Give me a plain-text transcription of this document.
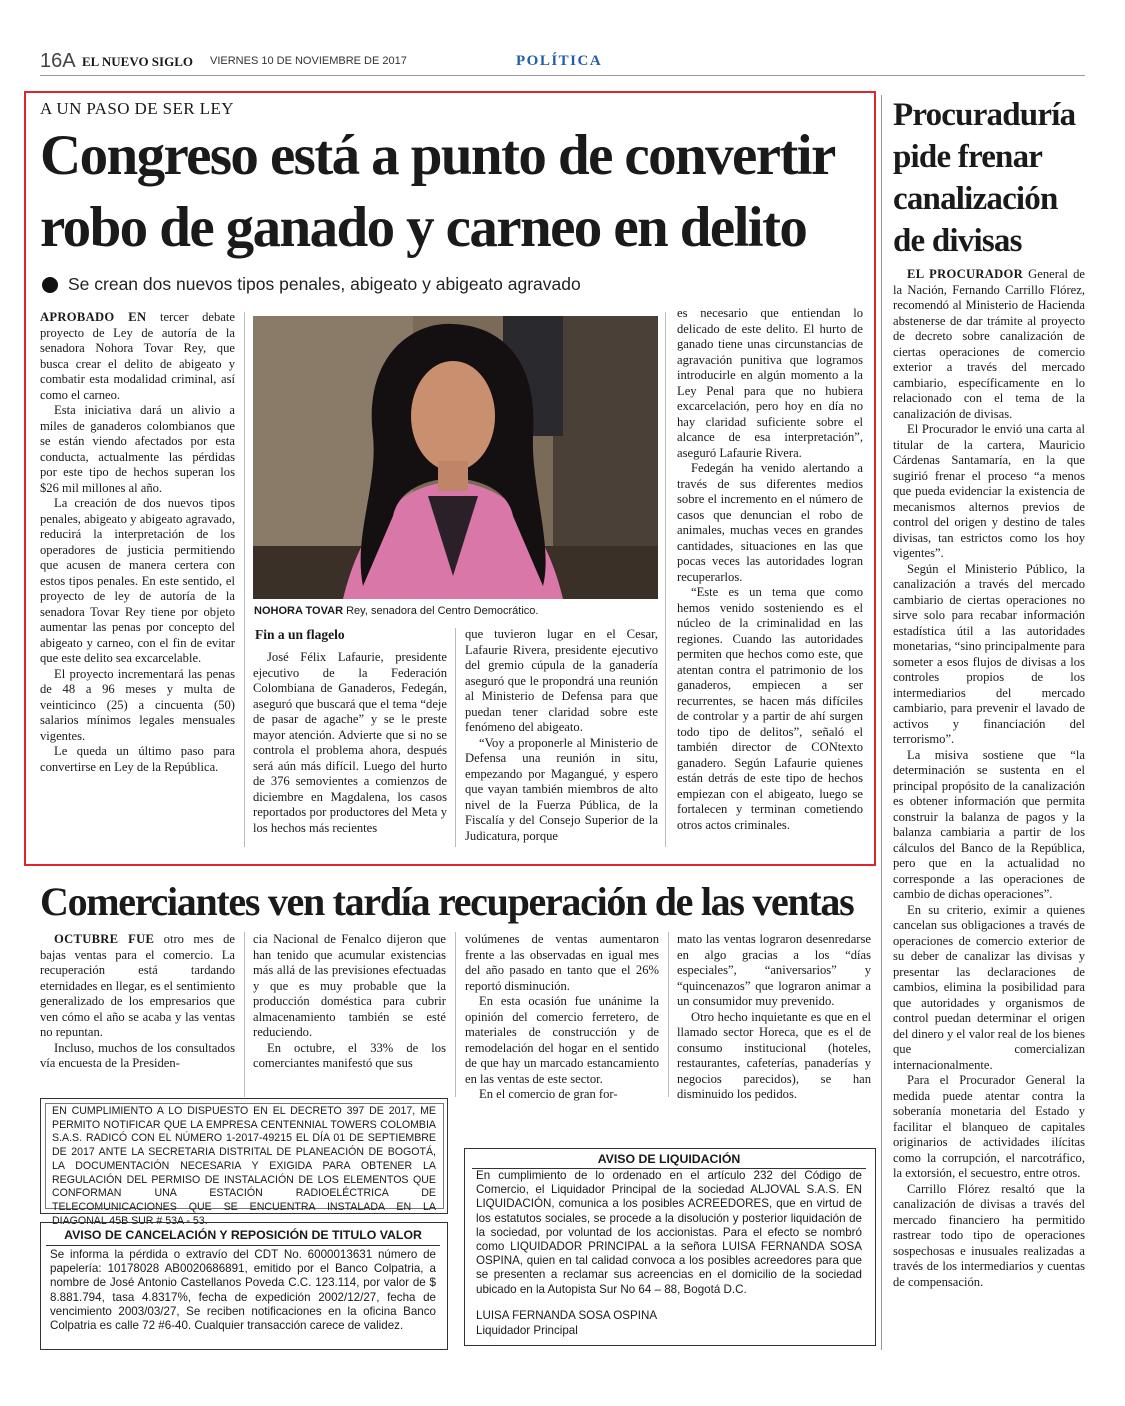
16A EL NUEVO SIGLO VIERNES 10 DE NOVIEMBRE DE 2017	POLÍTICA
A UN PASO DE SER LEY
Congreso está a punto de convertir
robo de ganado y carneo en delito
Se crean dos nuevos tipos penales, abigeato y abigeato agravado

APROBADO EN tercer debate proyecto de Ley de autoría de la senadora Nohora Tovar Rey, que busca crear el delito de abigeato y combatir esta modalidad criminal, así como el carneo.

Esta iniciativa dará un alivio a miles de ganaderos colombianos que se están viendo afectados por esta conducta, actualmente las pérdidas por este tipo de hechos superan los $26 mil millones al año.

La creación de dos nuevos tipos penales, abigeato y abigeato agravado, reducirá la interpretación de los operadores de justicia permitiendo que acusen de manera certera con estos tipos penales. En este sentido, el proyecto de ley de autoría de la senadora Tovar Rey tiene por objeto aumentar las penas por concepto del abigeato y carneo, con el fin de evitar que este delito sea excarcelable.

El proyecto incrementará las penas de 48 a 96 meses y multa de veinticinco (25) a cincuenta (50) salarios mínimos legales mensuales vigentes.

Le queda un último paso para convertirse en Ley de la República.

NOHORA TOVAR Rey, senadora del Centro Democrático.
Fin a un flagelo

José Félix Lafaurie, presidente ejecutivo de la Federación Colombiana de Ganaderos, Fedegán, aseguró que buscará que el tema “deje de pasar de agache” y se le preste mayor atención. Advierte que si no se controla el problema ahora, después será aún más difícil. Luego del hurto de 376 semovientes a comienzos de diciembre en Magdalena, los casos reportados por productores del Meta y los hechos más recientes

que tuvieron lugar en el Cesar, Lafaurie Rivera, presidente ejecutivo del gremio cúpula de la ganadería aseguró que le propondrá una reunión al Ministerio de Defensa para que puedan tener claridad sobre este fenómeno del abigeato.

“Voy a proponerle al Ministerio de Defensa una reunión in situ, empezando por Magangué, y espero que vayan también miembros de alto nivel de la Fuerza Pública, de la Fiscalía y del Consejo Superior de la Judicatura, porque

es necesario que entiendan lo delicado de este delito. El hurto de ganado tiene unas circunstancias de agravación punitiva que logramos introducirle en algún momento a la Ley Penal para que no hubiera excarcelación, pero hoy en día no hay claridad suficiente sobre el alcance de esa interpretación”, aseguró Lafaurie Rivera.

Fedegán ha venido alertando a través de sus diferentes medios sobre el incremento en el número de casos que denuncian el robo de animales, muchas veces en grandes cantidades, situaciones en las que pocas veces las autoridades logran recuperarlos.

“Este es un tema que como hemos venido sosteniendo es el núcleo de la criminalidad en las regiones. Cuando las autoridades permiten que hechos como este, que atentan contra el patrimonio de los ganaderos, empiecen a ser recurrentes, se hacen más difíciles de controlar y a partir de ahí surgen todo tipo de delitos”, señaló el también director de CONtexto ganadero. Según Lafaurie quienes están detrás de este tipo de hechos empiezan con el abigeato, luego se fortalecen y terminan cometiendo otros actos criminales.

Procuraduría pide frenar canalización de divisas

EL PROCURADOR General de la Nación, Fernando Carrillo Flórez, recomendó al Ministerio de Hacienda abstenerse de dar trámite al proyecto de decreto sobre canalización de ciertas operaciones de comercio exterior a través del mercado cambiario, específicamente en lo relacionado con el tema de la canalización de divisas.

El Procurador le envió una carta al titular de la cartera, Mauricio Cárdenas Santamaría, en la que sugirió frenar el proceso “a menos que pueda evidenciar la existencia de mecanismos alternos previos de control del origen y destino de tales divisas, tan estrictos como los hoy vigentes”.

Según el Ministerio Público, la canalización a través del mercado cambiario de ciertas operaciones no sirve solo para recabar información estadística útil a las autoridades monetarias, “sino principalmente para someter a esos flujos de divisas a los controles propios de los intermediarios del mercado cambiario, para prevenir el lavado de activos y financiación del terrorismo”.

La misiva sostiene que “la determinación se sustenta en el principal propósito de la canalización es obtener información que permita construir la balanza de pagos y la balanza cambiaria a partir de los cálculos del Banco de la República, pero que en la actualidad no corresponde a las operaciones de cambio de dichas operaciones”.

En su criterio, eximir a quienes cancelan sus obligaciones a través de operaciones de comercio exterior de su deber de canalizar las divisas y presentar las declaraciones de cambios, elimina la posibilidad para que autoridades y organismos de control puedan determinar el origen del dinero y el valor real de los bienes que comercializan internacionalmente.

Para el Procurador General la medida puede atentar contra la soberanía monetaria del Estado y facilitar el blanqueo de capitales originarios de actividades ilícitas como la corrupción, el narcotráfico, la extorsión, el secuestro, entre otros.

Carrillo Flórez resaltó que la canalización de divisas a través del mercado financiero ha permitido rastrear todo tipo de operaciones sospechosas e inusuales realizadas a través de los intermediarios y cuentas de compensación.

Comerciantes ven tardía recuperación de las ventas

OCTUBRE FUE otro mes de bajas ventas para el comercio. La recuperación está tardando eternidades en llegar, es el sentimiento generalizado de los empresarios que ven cómo el año se acaba y las ventas no repuntan.

Incluso, muchos de los consultados vía encuesta de la Presiden-

cia Nacional de Fenalco dijeron que han tenido que acumular existencias más allá de las previsiones efectuadas y que es muy probable que la producción doméstica para cubrir almacenamiento también se esté reduciendo.

En octubre, el 33% de los comerciantes manifestó que sus

volúmenes de ventas aumentaron frente a las observadas en igual mes del año pasado en tanto que el 26% reportó disminución.

En esta ocasión fue unánime la opinión del comercio ferretero, de materiales de construcción y de remodelación del hogar en el sentido de que hay un marcado estancamiento en las ventas de este sector.

En el comercio de gran for-

mato las ventas lograron desenredarse en algo gracias a los “días especiales”, “aniversarios” y “quincenazos” que lograron animar a un consumidor muy prevenido.

Otro hecho inquietante es que en el llamado sector Horeca, que es el de consumo institucional (hoteles, restaurantes, cafeterías, panaderías y negocios parecidos), se han disminuido los pedidos.

EN CUMPLIMIENTO A LO DISPUESTO EN EL DECRETO 397 DE 2017, ME PERMITO NOTIFICAR QUE LA EMPRESA CENTENNIAL TOWERS COLOMBIA S.A.S. RADICÓ CON EL NÚMERO 1-2017-49215 EL DÍA 01 DE SEPTIEMBRE DE 2017 ANTE LA SECRETARIA DISTRITAL DE PLANEACIÓN DE BOGOTÁ, LA DOCUMENTACIÓN NECESARIA Y EXIGIDA PARA OBTENER LA REGULACIÓN DEL PERMISO DE INSTALACIÓN DE LOS ELEMENTOS QUE CONFORMAN UNA ESTACIÓN RADIOELÉCTRICA DE TELECOMUNICACIONES QUE SE ENCUENTRA INSTALADA EN LA DIAGONAL 45B SUR # 53A - 53.

AVISO DE CANCELACIÓN Y REPOSICIÓN DE TITULO VALOR

Se informa la pérdida o extravío del CDT No. 6000013631 número de papelería: 10178028 AB0020686891, emitido por el Banco Colpatria, a nombre de José Antonio Castellanos Poveda C.C. 123.114, por valor de $ 8.881.794, tasa 4.8317%, fecha de expedición 2002/12/27, fecha de vencimiento 2003/03/27, Se reciben notificaciones en la oficina Banco Colpatria es calle 72 #6-40. Cualquier transacción carece de validez.

AVISO DE LIQUIDACIÓN

En cumplimiento de lo ordenado en el artículo 232 del Código de Comercio, el Liquidador Principal de la sociedad ALJOVAL S.A.S. EN LIQUIDACIÓN, comunica a los posibles ACREEDORES, que en virtud de los estatutos sociales, se procede a la disolución y posterior liquidación de la sociedad, por voluntad de los accionistas. Para el efecto se nombró como LIQUIDADOR PRINCIPAL a la señora LUISA FERNANDA SOSA OSPINA, quien en tal calidad convoca a los posibles acreedores para que se presenten a reclamar sus acreencias en el domicilio de la sociedad ubicado en la Autopista Sur No 64 – 88, Bogotá D.C.

LUISA FERNANDA SOSA OSPINA
Liquidador Principal
